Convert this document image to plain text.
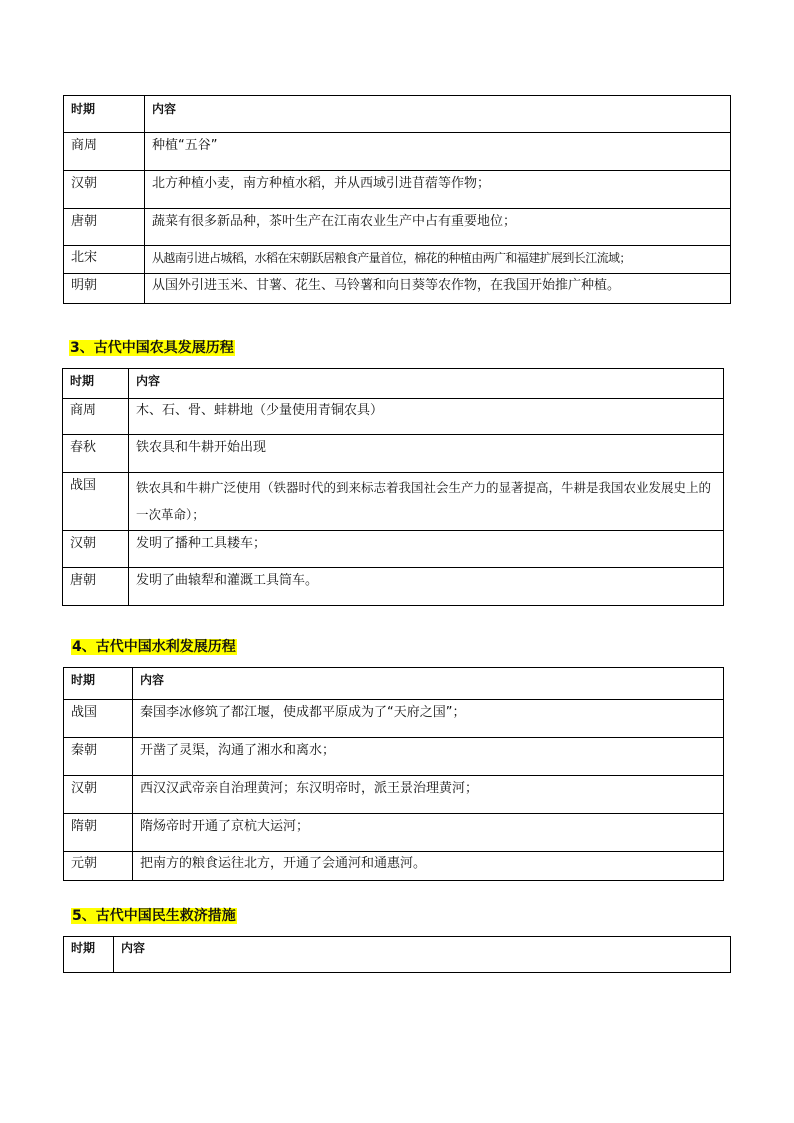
时期	内容
商周	种植“五谷”
汉朝	北方种植小麦，南方种植水稻，并从西域引进苜蓿等作物；
唐朝	蔬菜有很多新品种，茶叶生产在江南农业生产中占有重要地位；
北宋	从越南引进占城稻，水稻在宋朝跃居粮食产量首位，棉花的种植由两广和福建扩展到长江流域；
明朝	从国外引进玉米、甘薯、花生、马铃薯和向日葵等农作物，在我国开始推广种植。
3、古代中国农具发展历程
时期	内容
商周	木、石、骨、蚌耕地（少量使用青铜农具）
春秋	铁农具和牛耕开始出现
战国	铁农具和牛耕广泛使用（铁器时代的到来标志着我国社会生产力的显著提高，牛耕是我国农业发展史上的一次革命）；
汉朝	发明了播种工具耧车；
唐朝	发明了曲辕犁和灌溉工具筒车。
4、古代中国水利发展历程
时期	内容
战国	秦国李冰修筑了都江堰，使成都平原成为了“天府之国”；
秦朝	开凿了灵渠，沟通了湘水和离水；
汉朝	西汉汉武帝亲自治理黄河；东汉明帝时，派王景治理黄河；
隋朝	隋炀帝时开通了京杭大运河；
元朝	把南方的粮食运往北方，开通了会通河和通惠河。
5、古代中国民生救济措施
时期	内容
